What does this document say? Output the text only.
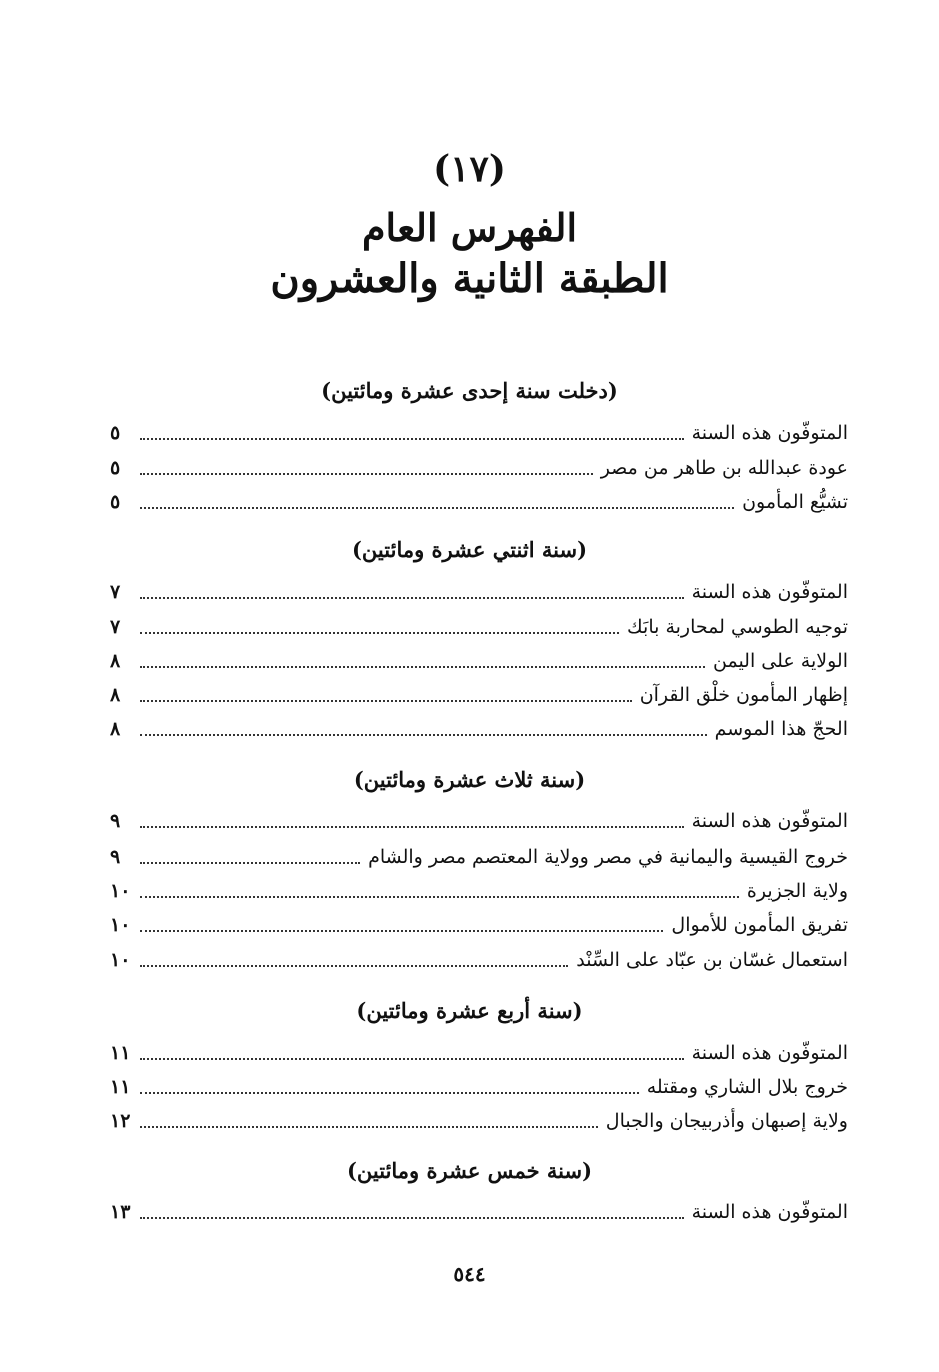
(١٧)
الفهرس العام
الطبقة الثانية والعشرون
(دخلت سنة إحدى عشرة ومائتين)
المتوفّون هذه السنة
٥
عودة عبدالله بن طاهر من مصر
٥
تشيُّع المأمون
٥
(سنة اثنتي عشرة ومائتين)
المتوفّون هذه السنة
٧
توجيه الطوسي لمحاربة بابَك
٧
الولاية على اليمن
٨
إظهار المأمون خلْق القرآن
٨
الحجّ هذا الموسم
٨
(سنة ثلاث عشرة ومائتين)
المتوفّون هذه السنة
٩
خروج القيسية واليمانية في مصر وولاية المعتصم مصر والشام
٩
ولاية الجزيرة
١٠
تفريق المأمون للأموال
١٠
استعمال غسّان بن عبّاد على السِّنْد
١٠
(سنة أربع عشرة ومائتين)
المتوفّون هذه السنة
١١
خروج بلال الشاري ومقتله
١١
ولاية إصبهان وأذربيجان والجبال
١٢
(سنة خمس عشرة ومائتين)
المتوفّون هذه السنة
١٣
٥٤٤
